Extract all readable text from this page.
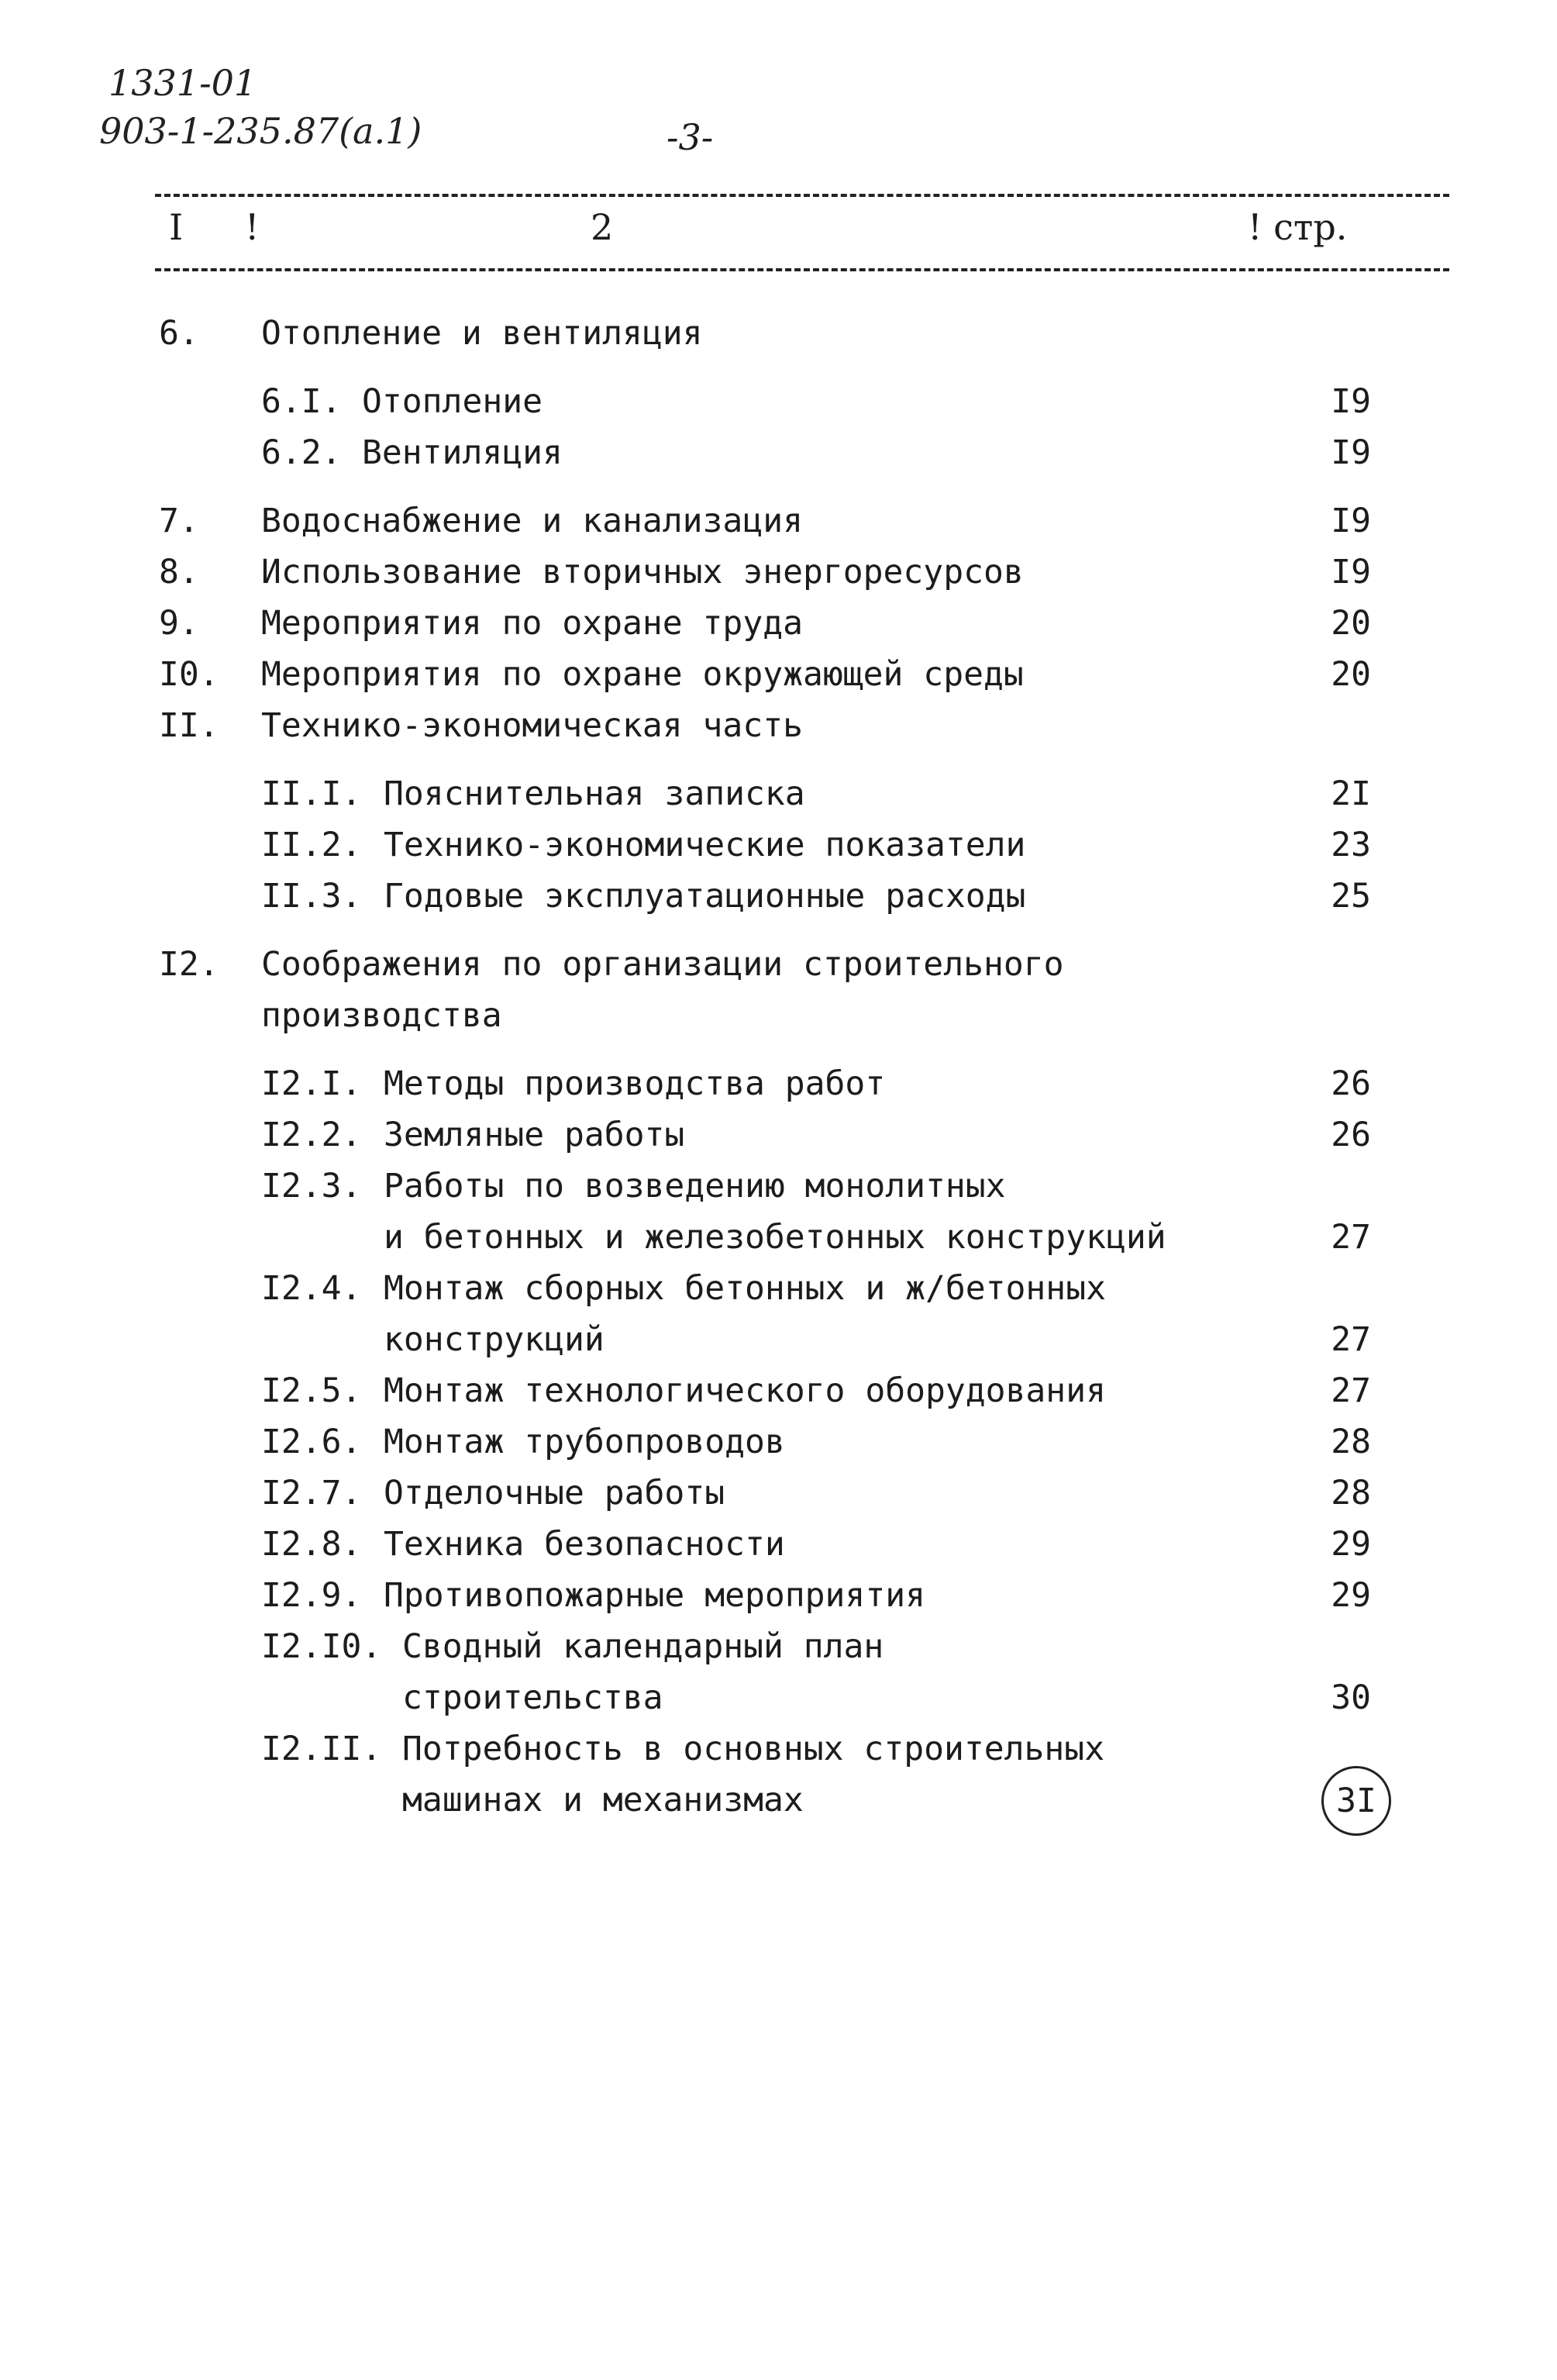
1331-01
903-1-235.87(a.1)	-3-
I !	2	! стр.
6. Отопление и вентиляция
6.I. Отопление	I9
6.2. Вентиляция	I9
7. Водоснабжение и канализация	I9
8. Использование вторичных энергоресурсов	I9
9. Мероприятия по охране труда	20
I0. Мероприятия по охране окружающей среды	20
II. Технико-экономическая часть
II.I. Пояснительная записка	2I
II.2. Технико-экономические показатели	23
II.3. Годовые эксплуатационные расходы	25
I2. Соображения по организации строительного
производства
I2.I. Методы производства работ	26
I2.2. Земляные работы	26
I2.3. Работы по возведению монолитных
и бетонных и железобетонных конструкций	27
I2.4. Монтаж сборных бетонных и ж/бетонных
конструкций	27
I2.5. Монтаж технологического оборудования	27
I2.6. Монтаж трубопроводов	28
I2.7. Отделочные работы	28
I2.8. Техника безопасности	29
I2.9. Противопожарные мероприятия	29
I2.I0. Сводный календарный план
строительства	30
I2.II. Потребность в основных строительных
машинах и механизмах	3I
